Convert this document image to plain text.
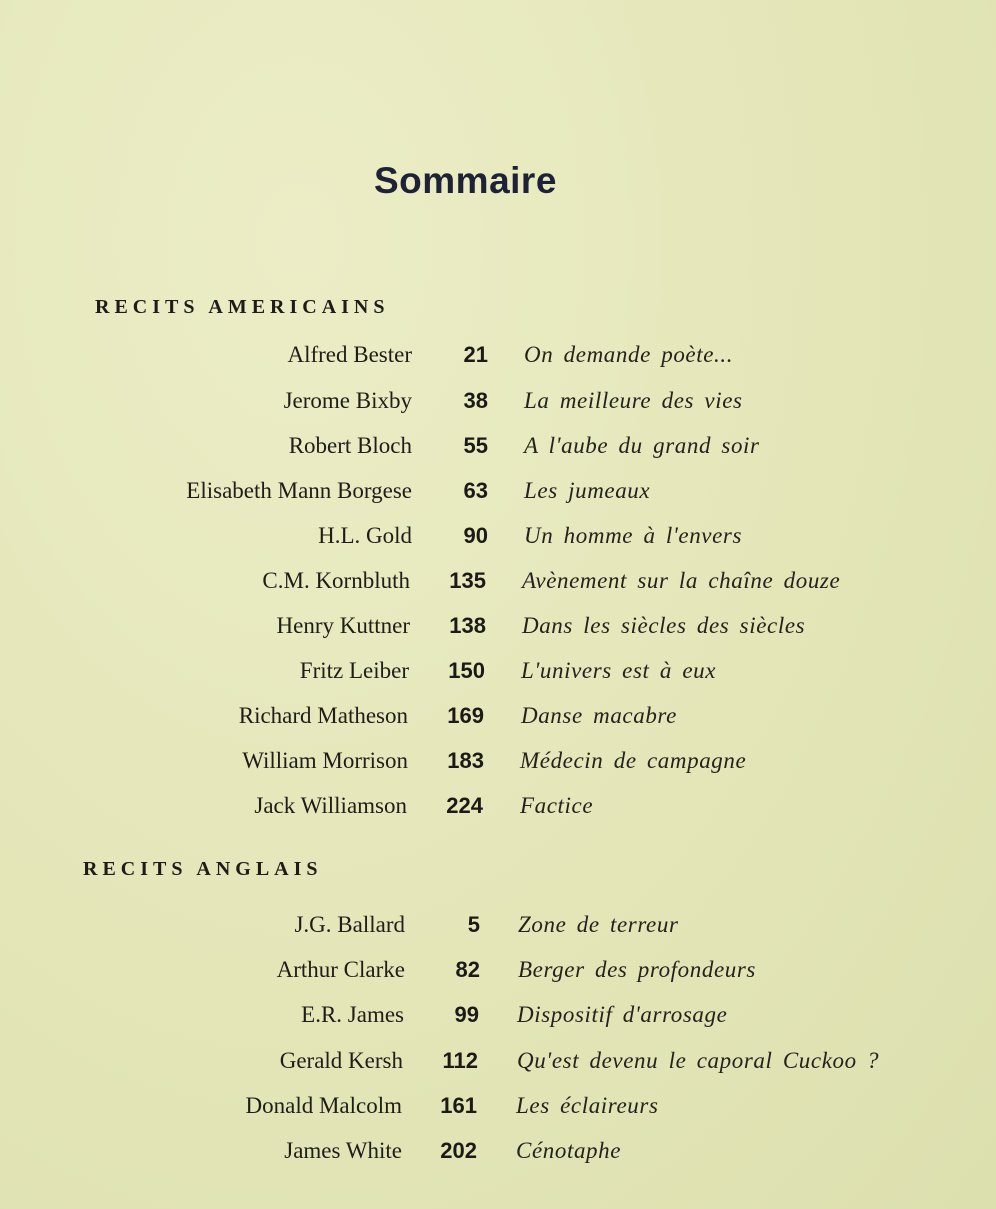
Sommaire
RECITS AMERICAINS
Alfred Bester	21 On demande poète...
Jerome Bixby	38 La meilleure des vies
Robert Bloch	55 A l'aube du grand soir
Elisabeth Mann Borgese	63 Les jumeaux
H.L. Gold	90 Un homme à l'envers
C.M. Kornbluth	135 Avènement sur la chaîne douze
Henry Kuttner	138 Dans les siècles des siècles
Fritz Leiber	150 L'univers est à eux
Richard Matheson	169 Danse macabre
William Morrison	183 Médecin de campagne
Jack Williamson	224 Factice
RECITS ANGLAIS
J.G. Ballard	5 Zone de terreur
Arthur Clarke	82 Berger des profondeurs
E.R. James	99 Dispositif d'arrosage
Gerald Kersh	112 Qu'est devenu le caporal Cuckoo ?
Donald Malcolm	161 Les éclaireurs
James White	202 Cénotaphe
